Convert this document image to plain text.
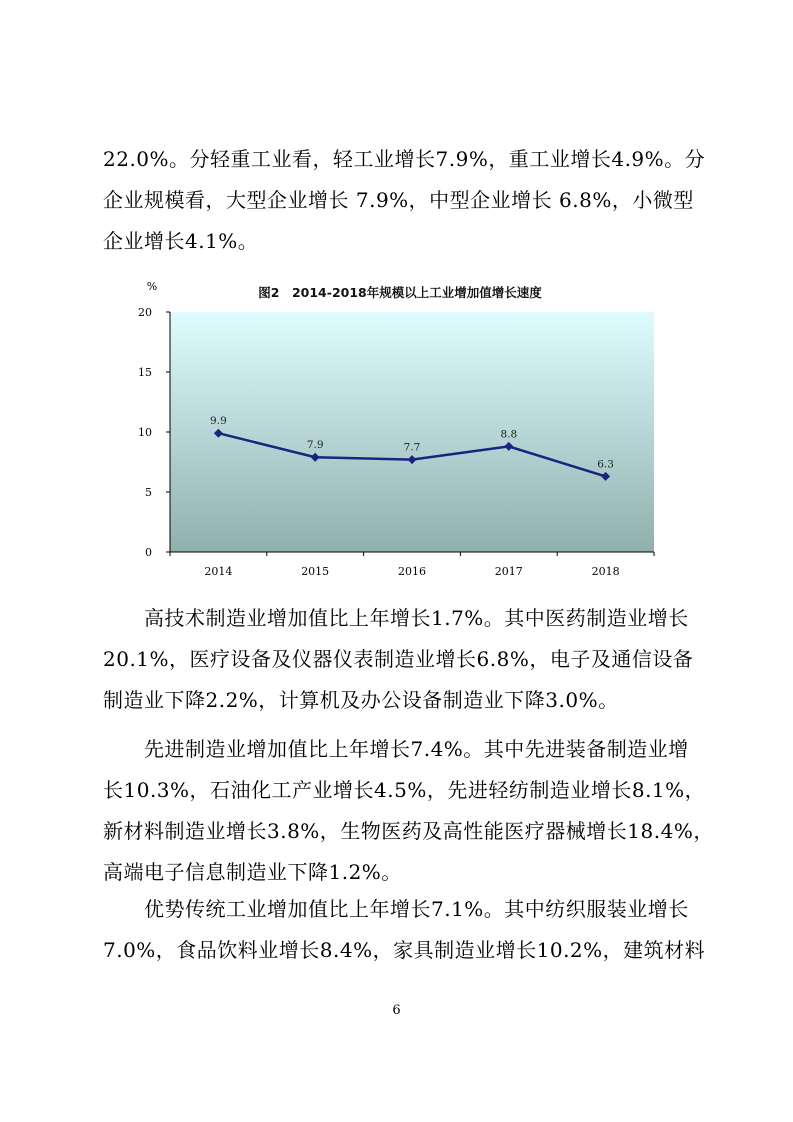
22.0%。分轻重工业看，轻工业增长7.9%，重工业增长4.9%。分
企业规模看，大型企业增长 7.9%，中型企业增长 6.8%，小微型
企业增长4.1%。

图2　2014-2018年规模以上工业增加值增长速度
%
0
5
10
15
20
2014	2015	2016	2017	2018
9.9
7.9	7.7
8.8
6.3

高技术制造业增加值比上年增长1.7%。其中医药制造业增长
20.1%，医疗设备及仪器仪表制造业增长6.8%，电子及通信设备
制造业下降2.2%，计算机及办公设备制造业下降3.0%。

先进制造业增加值比上年增长7.4%。其中先进装备制造业增
长10.3%，石油化工产业增长4.5%，先进轻纺制造业增长8.1%，
新材料制造业增长3.8%，生物医药及高性能医疗器械增长18.4%，
高端电子信息制造业下降1.2%。

优势传统工业增加值比上年增长7.1%。其中纺织服装业增长
7.0%，食品饮料业增长8.4%，家具制造业增长10.2%，建筑材料

6
